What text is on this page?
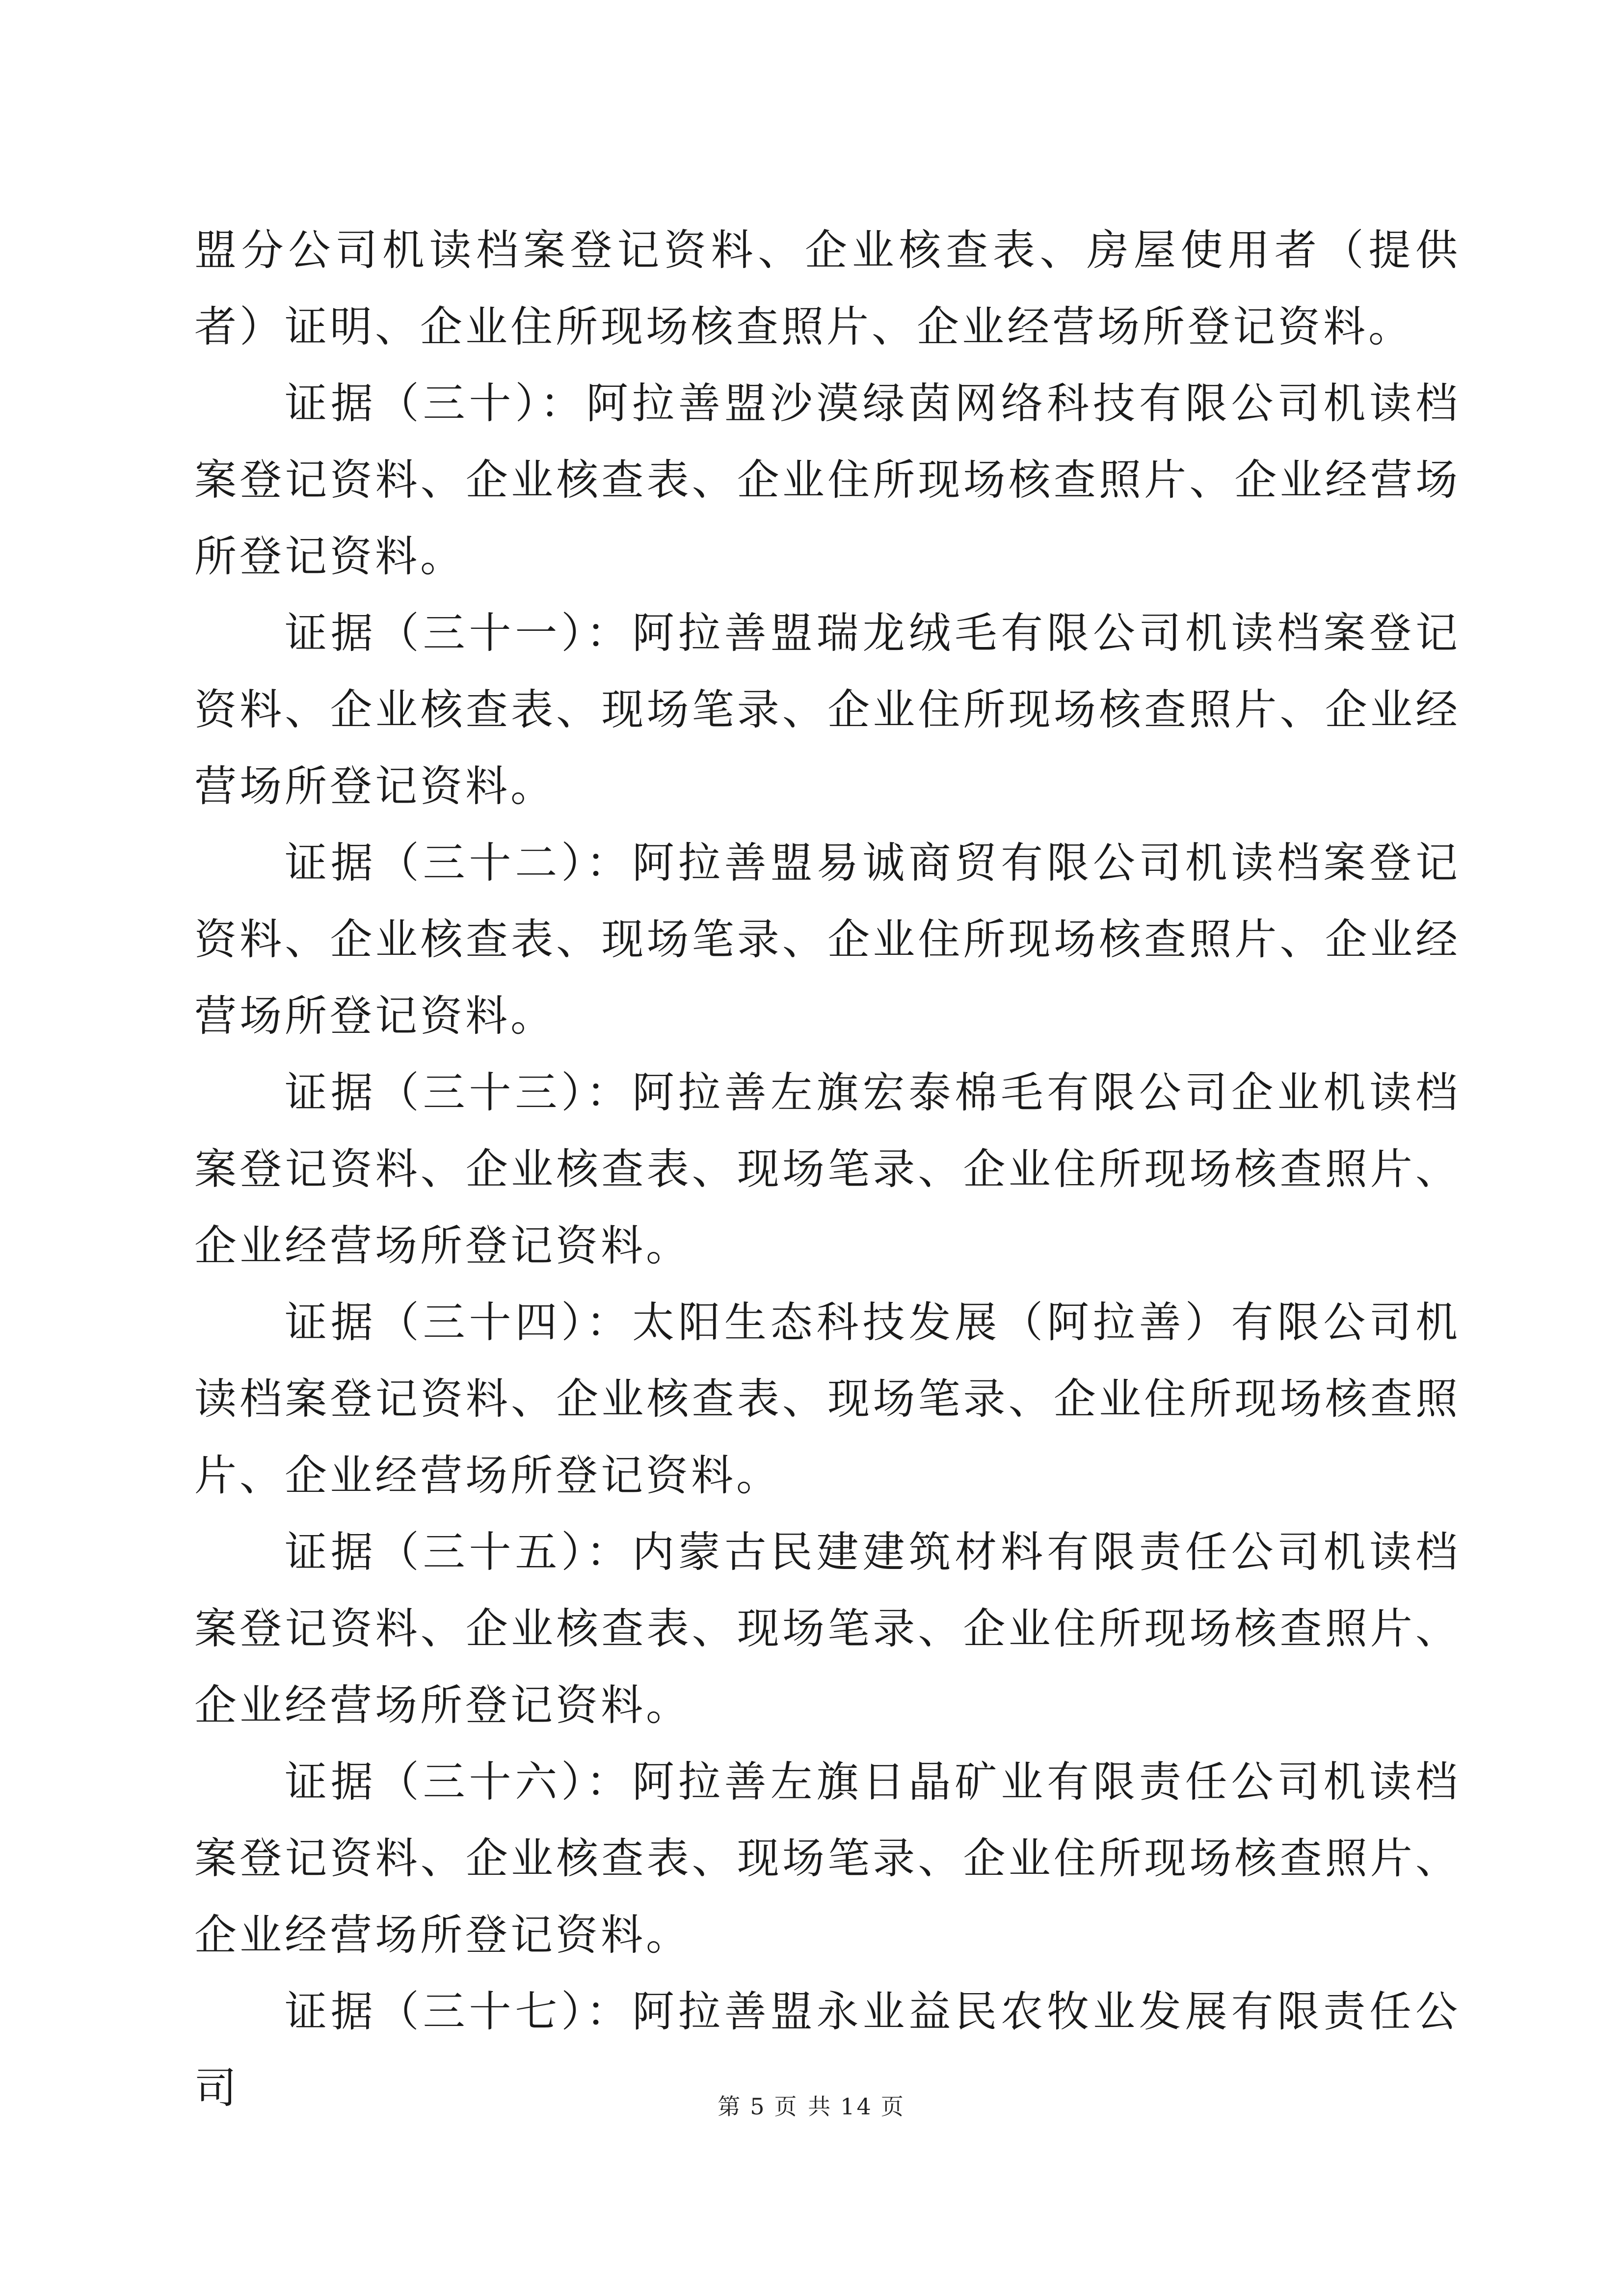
盟分公司机读档案登记资料、企业核查表、房屋使用者（提供者）证明、企业住所现场核查照片、企业经营场所登记资料。

证据（三十）：阿拉善盟沙漠绿茵网络科技有限公司机读档案登记资料、企业核查表、企业住所现场核查照片、企业经营场所登记资料。

证据（三十一）：阿拉善盟瑞龙绒毛有限公司机读档案登记资料、企业核查表、现场笔录、企业住所现场核查照片、企业经营场所登记资料。

证据（三十二）：阿拉善盟易诚商贸有限公司机读档案登记资料、企业核查表、现场笔录、企业住所现场核查照片、企业经营场所登记资料。

证据（三十三）：阿拉善左旗宏泰棉毛有限公司企业机读档案登记资料、企业核查表、现场笔录、企业住所现场核查照片、企业经营场所登记资料。

证据（三十四）：太阳生态科技发展（阿拉善）有限公司机读档案登记资料、企业核查表、现场笔录、企业住所现场核查照片、企业经营场所登记资料。

证据（三十五）：内蒙古民建建筑材料有限责任公司机读档案登记资料、企业核查表、现场笔录、企业住所现场核查照片、企业经营场所登记资料。

证据（三十六）：阿拉善左旗日晶矿业有限责任公司机读档案登记资料、企业核查表、现场笔录、企业住所现场核查照片、企业经营场所登记资料。

证据（三十七）：阿拉善盟永业益民农牧业发展有限责任公司	第 5 页 共 14 页
